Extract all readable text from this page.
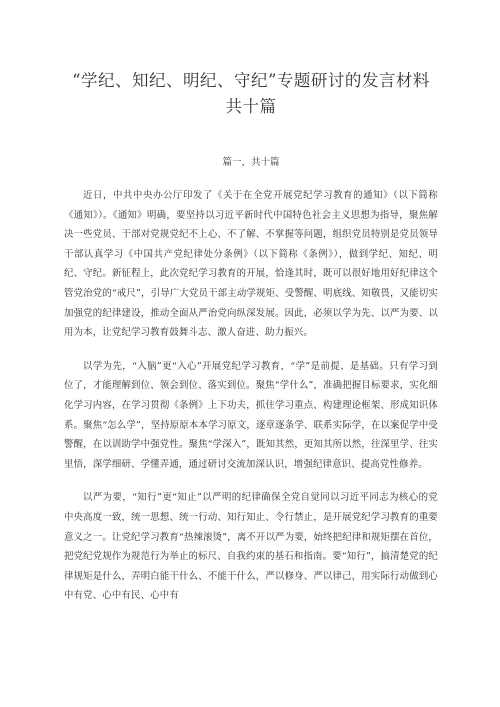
“学纪、知纪、明纪、守纪”专题研讨的发言材料
共十篇
篇一，共十篇

近日，中共中央办公厅印发了《关于在全党开展党纪学习教育的通知》（以下简称《通知》）。《通知》明确，要坚持以习近平新时代中国特色社会主义思想为指导，聚焦解决一些党员、干部对党规党纪不上心、不了解、不掌握等问题，组织党员特别是党员领导干部认真学习《中国共产党纪律处分条例》（以下简称《条例》），做到学纪、知纪、明纪、守纪。新征程上，此次党纪学习教育的开展，恰逢其时，既可以很好地用好纪律这个管党治党的“戒尺”，引导广大党员干部主动学规矩、受警醒、明底线、知敬畏，又能切实加强党的纪律建设，推动全面从严治党向纵深发展。因此，必须以学为先、以严为要、以用为本，让党纪学习教育鼓舞斗志、激人奋进、助力振兴。

以学为先，“入脑”更“入心”开展党纪学习教育，“学”是前提、是基础。只有学习到位了，才能理解到位、领会到位、落实到位。聚焦“学什么”，准确把握目标要求，实化细化学习内容，在学习贯彻《条例》上下功夫，抓住学习重点、构建理论框架、形成知识体系。聚焦“怎么学”，坚持原原本本学习原文，逐章逐条学、联系实际学，在以案促学中受警醒，在以训助学中强党性。聚焦“学深入”，既知其然，更知其所以然，往深里学、往实里悟，深学细研、学懂弄通，通过研讨交流加深认识，增强纪律意识、提高党性修养。

以严为要，“知行”更“知止”以严明的纪律确保全党自觉同以习近平同志为核心的党中央高度一致，统一思想、统一行动、知行知止、令行禁止，是开展党纪学习教育的重要意义之一。让党纪学习教育“热辣滚烫”，离不开以严为要，始终把纪律和规矩摆在首位，把党纪党规作为规范行为举止的标尺、自我约束的基石和指南。要“知行”，搞清楚党的纪律规矩是什么，弄明白能干什么、不能干什么，严以修身、严以律己，用实际行动做到心中有党、心中有民、心中有
